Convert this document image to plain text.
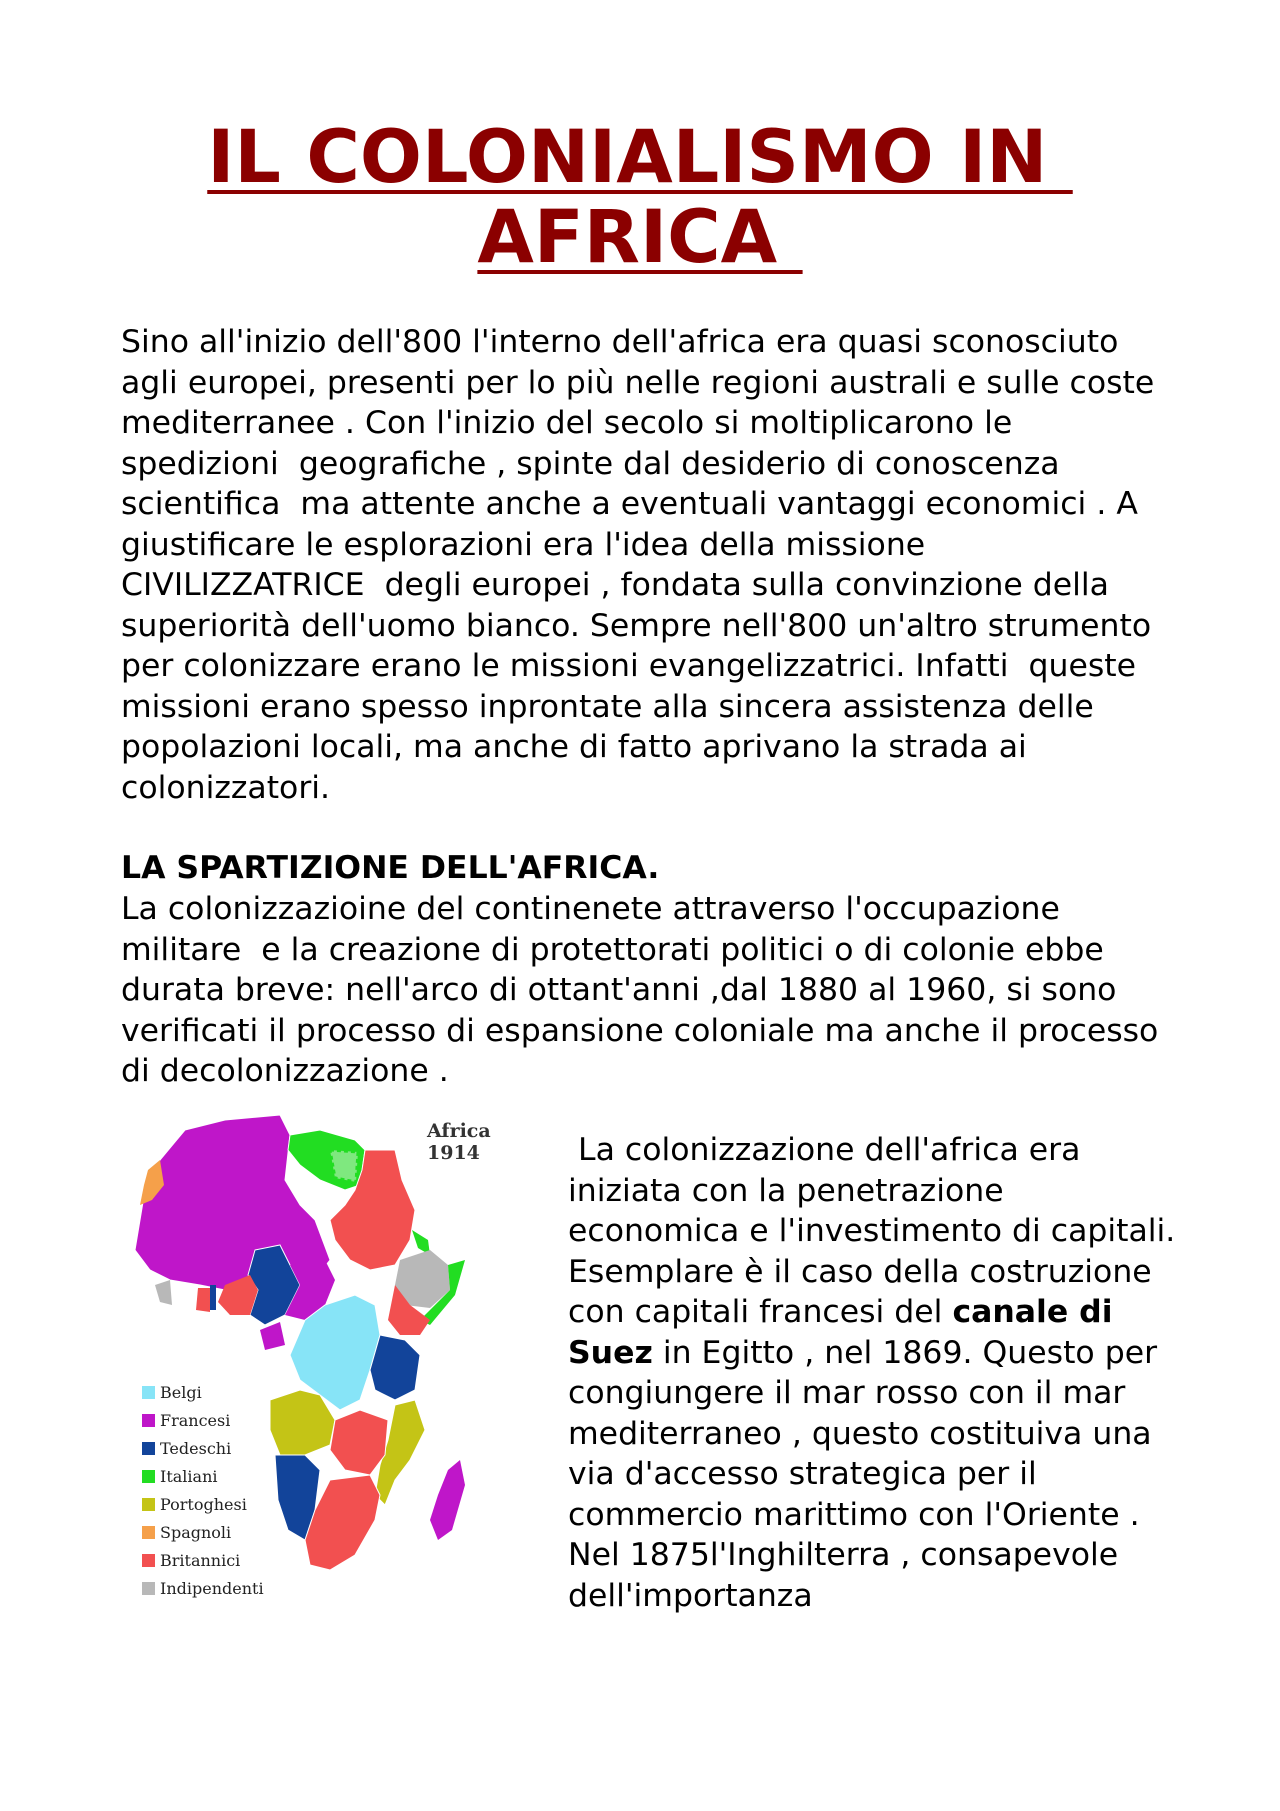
IL COLONIALISMO IN
AFRICA

Sino all'inizio dell'800 l'interno dell'africa era quasi sconosciuto agli europei, presenti per lo più nelle regioni australi e sulle coste mediterranee . Con l'inizio del secolo si moltiplicarono le spedizioni  geografiche , spinte dal desiderio di conoscenza scientifica  ma attente anche a eventuali vantaggi economici . A giustificare le esplorazioni era l'idea della missione CIVILIZZATRICE  degli europei , fondata sulla convinzione della superiorità dell'uomo bianco. Sempre nell'800 un'altro strumento per colonizzare erano le missioni evangelizzatrici. Infatti  queste missioni erano spesso inprontate alla sincera assistenza delle popolazioni locali, ma anche di fatto aprivano la strada ai colonizzatori.

LA SPARTIZIONE DELL'AFRICA.

La colonizzazioine del continenete attraverso l'occupazione militare  e la creazione di protettorati politici o di colonie ebbe durata breve: nell'arco di ottant'anni ,dal 1880 al 1960, si sono verificati il processo di espansione coloniale ma anche il processo di decolonizzazione .

Africa 1914
Belgi
Francesi
Tedeschi
Italiani
Portoghesi
Spagnoli
Britannici
Indipendenti

La colonizzazione dell'africa era iniziata con la penetrazione economica e l'investimento di capitali. Esemplare è il caso della costruzione con capitali francesi del canale di Suez in Egitto , nel 1869. Questo per congiungere il mar rosso con il mar mediterraneo , questo costituiva una via d'accesso strategica per il commercio marittimo con l'Oriente . Nel 1875l'Inghilterra , consapevole dell'importanza
